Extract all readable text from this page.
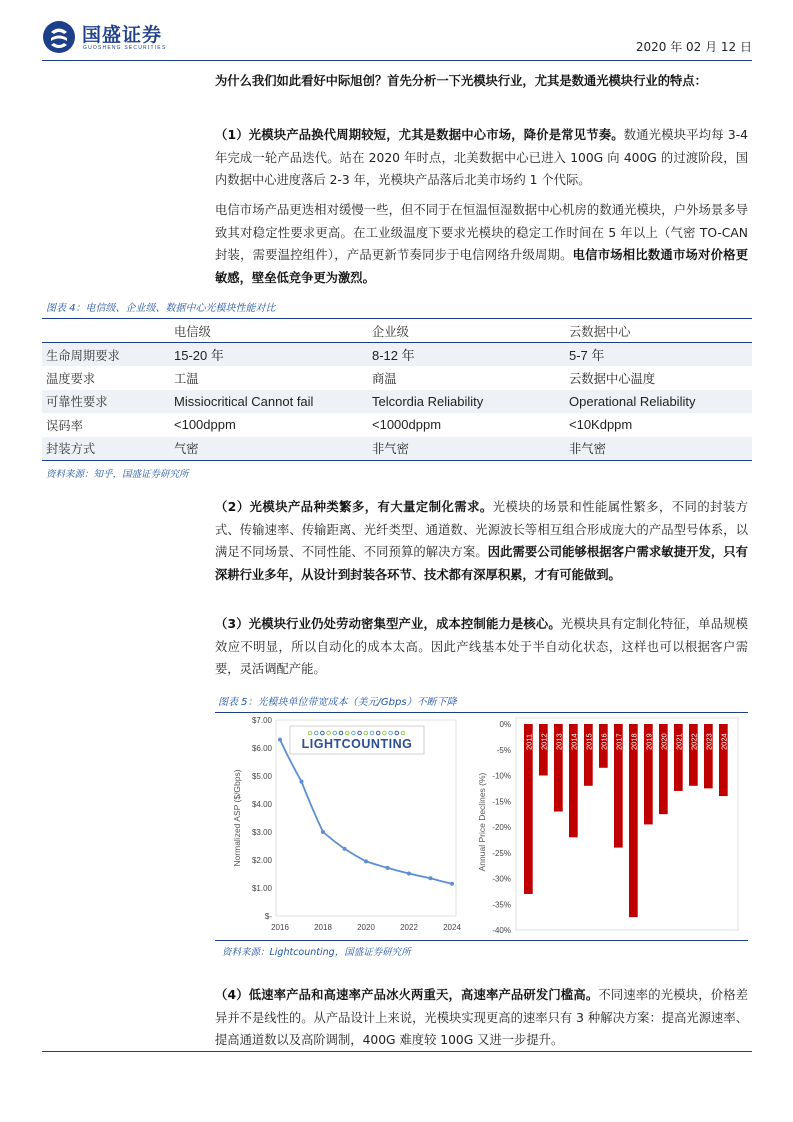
国盛证券
GUOSHENG SECURITIES	2020 年 02 月 12 日
为什么我们如此看好中际旭创？首先分析一下光模块行业，尤其是数通光模块行业的特点：
（1）光模块产品换代周期较短，尤其是数据中心市场，降价是常见节奏。数通光模块平均每 3-4 年完成一轮产品迭代。站在 2020 年时点，北美数据中心已进入 100G 向 400G 的过渡阶段，国内数据中心进度落后 2-3 年，光模块产品落后北美市场约 1 个代际。
电信市场产品更迭相对缓慢一些，但不同于在恒温恒湿数据中心机房的数通光模块，户外场景多导致其对稳定性要求更高。在工业级温度下要求光模块的稳定工作时间在 5 年以上（气密 TO-CAN 封装，需要温控组件），产品更新节奏同步于电信网络升级周期。电信市场相比数通市场对价格更敏感，壁垒低竞争更为激烈。
图表 4：电信级、企业级、数据中心光模块性能对比
	电信级	企业级	云数据中心
生命周期要求	15-20 年	8-12 年	5-7 年
温度要求	工温	商温	云数据中心温度
可靠性要求	Missiocritical Cannot fail	Telcordia Reliability	Operational Reliability
误码率	<100dppm	<1000dppm	<10Kdppm
封装方式	气密	非气密	非气密
资料来源：知乎，国盛证券研究所
（2）光模块产品种类繁多，有大量定制化需求。光模块的场景和性能属性繁多，不同的封装方式、传输速率、传输距离、光纤类型、通道数、光源波长等相互组合形成庞大的产品型号体系，以满足不同场景、不同性能、不同预算的解决方案。因此需要公司能够根据客户需求敏捷开发，只有深耕行业多年，从设计到封装各环节、技术都有深厚积累，才有可能做到。
（3）光模块行业仍处劳动密集型产业，成本控制能力是核心。光模块具有定制化特征，单品规模效应不明显，所以自动化的成本太高。因此产线基本处于半自动化状态，这样也可以根据客户需要，灵活调配产能。
图表 5：光模块单位带宽成本（美元/Gbps）不断下降
$-
$1.00
$2.00
$3.00
$4.00
$5.00
$6.00
$7.00
2016	2018	2020	2022	2024
Normalized ASP ($/Gbps)
LIGHTCOUNTING
0%
-5%
-10%
-15%
-20%
-25%
-30%
-35%
-40%
Annual Price Declines (%)
2011 2012 2013 2014 2015 2016 2017 2018 2019 2020 2021 2022 2023 2024
资料来源：Lightcounting，国盛证券研究所
（4）低速率产品和高速率产品冰火两重天，高速率产品研发门槛高。不同速率的光模块，价格差异并不是线性的。从产品设计上来说，光模块实现更高的速率只有 3 种解决方案：提高光源速率、提高通道数以及高阶调制，400G 难度较 100G 又进一步提升。
